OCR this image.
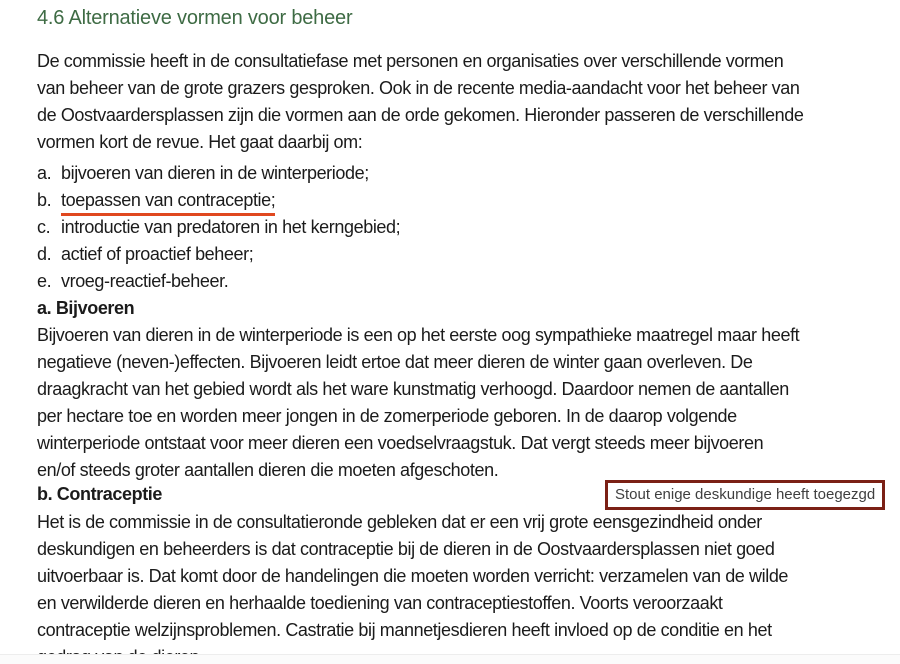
4.6 Alternatieve vormen voor beheer
De commissie heeft in de consultatiefase met personen en organisaties over verschillende vormen
van beheer van de grote grazers gesproken. Ook in de recente media-aandacht voor het beheer van
de Oostvaardersplassen zijn die vormen aan de orde gekomen. Hieronder passeren de verschillende
vormen kort de revue. Het gaat daarbij om:
a. bijvoeren van dieren in de winterperiode;
b. toepassen van contraceptie;
c. introductie van predatoren in het kerngebied;
d. actief of proactief beheer;
e. vroeg-reactief-beheer.
a. Bijvoeren
Bijvoeren van dieren in de winterperiode is een op het eerste oog sympathieke maatregel maar heeft
negatieve (neven-)effecten. Bijvoeren leidt ertoe dat meer dieren de winter gaan overleven. De
draagkracht van het gebied wordt als het ware kunstmatig verhoogd. Daardoor nemen de aantallen
per hectare toe en worden meer jongen in de zomerperiode geboren. In de daarop volgende
winterperiode ontstaat voor meer dieren een voedselvraagstuk. Dat vergt steeds meer bijvoeren
en/of steeds groter aantallen dieren die moeten afgeschoten.
b. Contraceptie
Het is de commissie in de consultatieronde gebleken dat er een vrij grote eensgezindheid onder
deskundigen en beheerders is dat contraceptie bij de dieren in de Oostvaardersplassen niet goed
uitvoerbaar is. Dat komt door de handelingen die moeten worden verricht: verzamelen van de wilde
en verwilderde dieren en herhaalde toediening van contraceptiestoffen. Voorts veroorzaakt
contraceptie welzijnsproblemen. Castratie bij mannetjesdieren heeft invloed op de conditie en het
Stout enige deskundige heeft toegezgd
